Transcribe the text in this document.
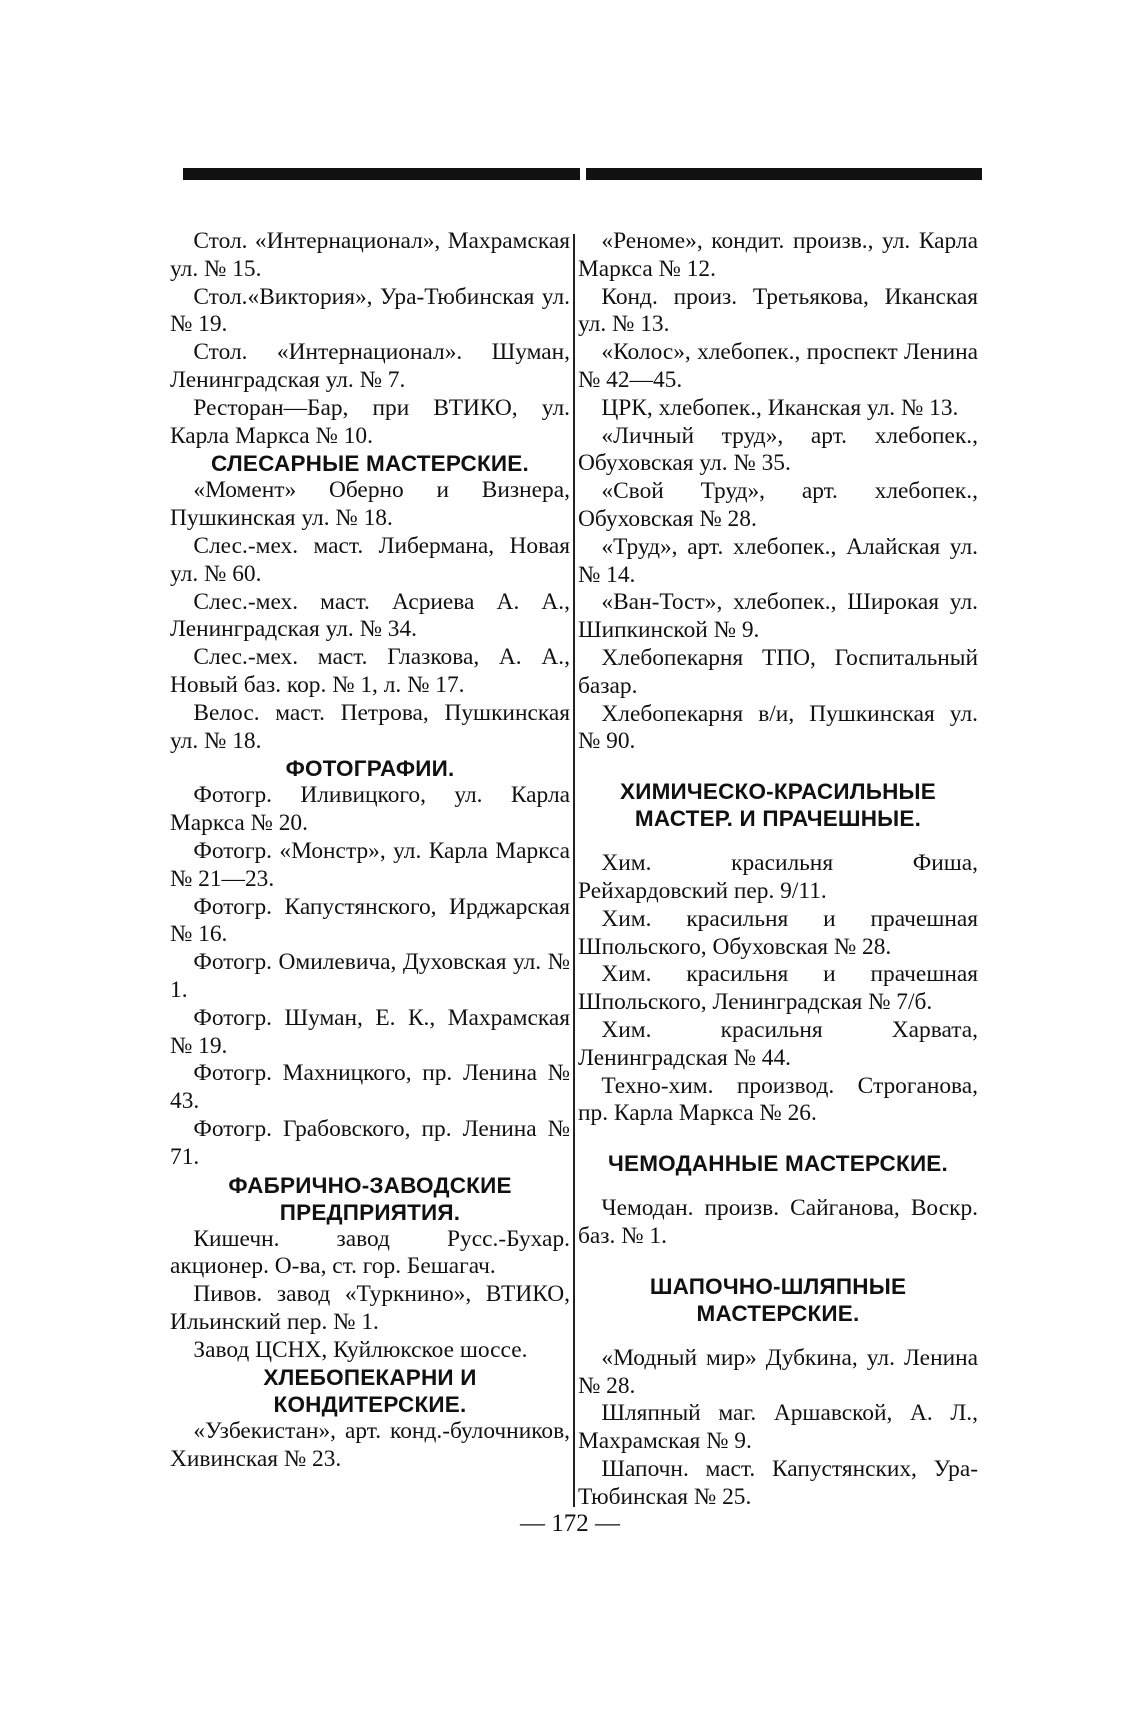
Стол. «Интернационал», Махрамская ул. № 15.

Стол.«Виктория», Ура-Тюбинская ул. № 19.

Стол. «Интернационал». Шуман, Ленинградская ул. № 7.

Ресторан—Бар, при ВТИКО, ул. Карла Маркса № 10.

СЛЕСАРНЫЕ МАСТЕРСКИЕ.

«Момент» Оберно и Визнера, Пушкинская ул. № 18.

Слес.-мех. маст. Либермана, Новая ул. № 60.

Слес.-мех. маст. Асриева А. А., Ленинградская ул. № 34.

Слес.-мех. маст. Глазкова, А. А., Новый баз. кор. № 1, л. № 17.

Велос. маст. Петрова, Пушкинская ул. № 18.

ФОТОГРАФИИ.

Фотогр. Иливицкого, ул. Карла Маркса № 20.

Фотогр. «Монстр», ул. Карла Маркса № 21—23.

Фотогр. Капустянского, Ирджарская № 16.

Фотогр. Омилевича, Духовская ул. № 1.

Фотогр. Шуман, Е. К., Махрамская № 19.

Фотогр. Махницкого, пр. Ленина № 43.

Фотогр. Грабовского, пр. Ленина № 71.

ФАБРИЧНО-ЗАВОДСКИЕ ПРЕДПРИЯТИЯ.

Кишечн. завод Русс.-Бухар. акционер. О-ва, ст. гор. Бешагач.

Пивов. завод «Туркнино», ВТИКО, Ильинский пер. № 1.

Завод ЦСНХ, Куйлюкское шоссе.

ХЛЕБОПЕКАРНИ И КОНДИТЕРСКИЕ.

«Узбекистан», арт. конд.-булочников, Хивинская № 23.

«Реноме», кондит. произв., ул. Карла Маркса № 12.

Конд. произ. Третьякова, Иканская ул. № 13.

«Колос», хлебопек., проспект Ленина № 42—45.

ЦРК, хлебопек., Иканская ул. № 13.

«Личный труд», арт. хлебопек., Обуховская ул. № 35.

«Свой Труд», арт. хлебопек., Обуховская № 28.

«Труд», арт. хлебопек., Алайская ул. № 14.

«Ван-Тост», хлебопек., Широкая ул. Шипкинской № 9.

Хлебопекарня ТПО, Госпитальный базар.

Хлебопекарня в/и, Пушкинская ул. № 90.

ХИМИЧЕСКО-КРАСИЛЬНЫЕ МАСТЕР. И ПРАЧЕШНЫЕ.

Хим. красильня Фиша, Рейхардовский пер. 9/11.

Хим. красильня и прачешная Шпольского, Обуховская № 28.

Хим. красильня и прачешная Шпольского, Ленинградская № 7/б.

Хим. красильня Харвата, Ленинградская № 44.

Техно-хим. производ. Строганова, пр. Карла Маркса № 26.

ЧЕМОДАННЫЕ МАСТЕРСКИЕ.

Чемодан. произв. Сайганова, Воскр. баз. № 1.

ШАПОЧНО-ШЛЯПНЫЕ МАСТЕРСКИЕ.

«Модный мир» Дубкина, ул. Ленина № 28.

Шляпный маг. Аршавской, А. Л., Махрамская № 9.

Шапочн. маст. Капустянских, Ура-Тюбинская № 25.

— 172 —
